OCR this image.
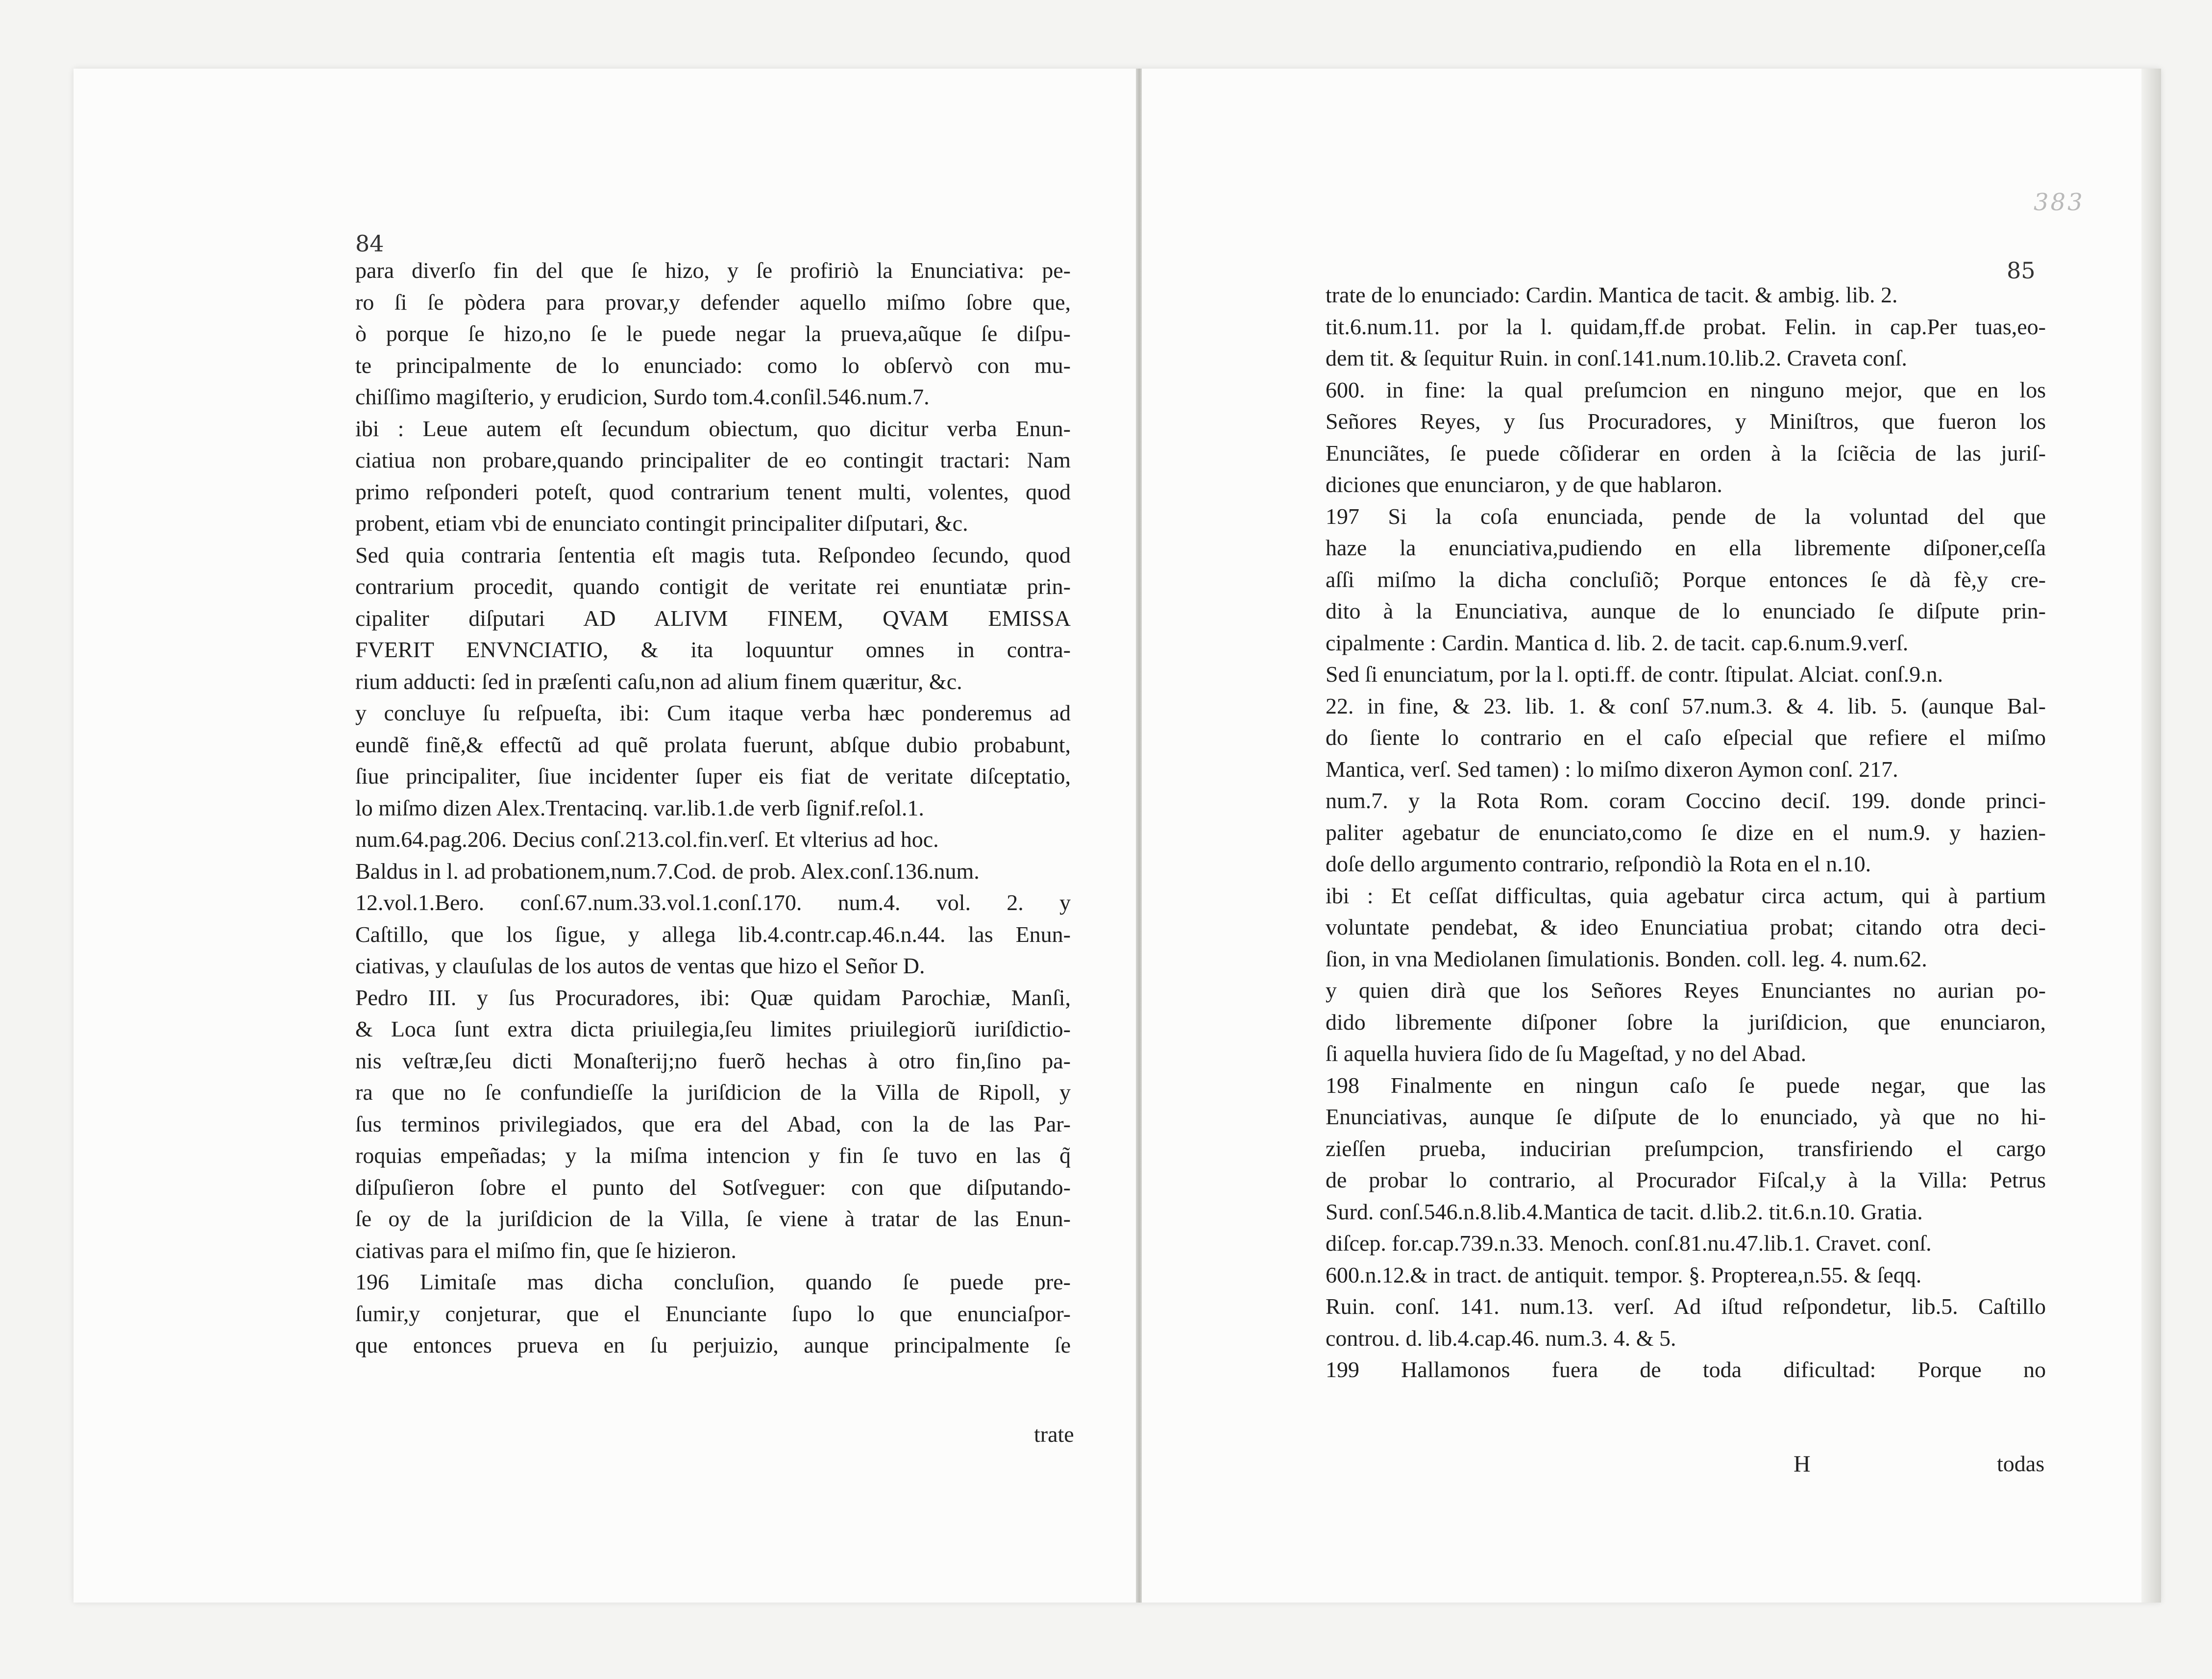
84
para diverſo fin del que ſe hizo, y ſe profiriò la Enunciativa: pe-
ro ſi ſe pòdera para provar,y defender aquello miſmo ſobre que,
ò porque ſe hizo,no ſe le puede negar la prueva,aũque ſe diſpu-
te principalmente de lo enunciado: como lo obſervò con mu-
chiſſimo magiſterio, y erudicion, Surdo tom.4.conſil.546.num.7.
ibi : Leue autem eſt ſecundum obiectum, quo dicitur verba Enun-
ciatiua non probare,quando principaliter de eo contingit tractari: Nam
primo reſponderi poteſt, quod contrarium tenent multi, volentes, quod
probent, etiam vbi de enunciato contingit principaliter diſputari, &c.
Sed quia contraria ſententia eſt magis tuta. Reſpondeo ſecundo, quod
contrarium procedit, quando contigit de veritate rei enuntiatæ prin-
cipaliter diſputari AD ALIVM FINEM, QVAM EMISSA
FVERIT ENVNCIATIO, & ita loquuntur omnes in contra-
rium adducti: ſed in præſenti caſu,non ad alium finem quæritur, &c.
y concluye ſu reſpueſta, ibi: Cum itaque verba hæc ponderemus ad
eundẽ finẽ,& effectũ ad quẽ prolata fuerunt, abſque dubio probabunt,
ſiue principaliter, ſiue incidenter ſuper eis fiat de veritate diſceptatio,
lo miſmo dizen Alex.Trentacinq. var.lib.1.de verb ſignif.reſol.1.
num.64.pag.206. Decius conſ.213.col.fin.verſ. Et vlterius ad hoc.
Baldus in l. ad probationem,num.7.Cod. de prob. Alex.conſ.136.num.
12.vol.1.Bero. conſ.67.num.33.vol.1.conſ.170. num.4. vol. 2. y
Caſtillo, que los ſigue, y allega lib.4.contr.cap.46.n.44. las Enun-
ciativas, y clauſulas de los autos de ventas que hizo el Señor D.
Pedro III. y ſus Procuradores, ibi: Quæ quidam Parochiæ, Manſi,
& Loca ſunt extra dicta priuilegia,ſeu limites priuilegiorũ iuriſdictio-
nis veſtræ,ſeu dicti Monaſterij;no fuerõ hechas à otro fin,ſino pa-
ra que no ſe confundieſſe la juriſdicion de la Villa de Ripoll, y
ſus terminos privilegiados, que era del Abad, con la de las Par-
roquias empeñadas; y la miſma intencion y fin ſe tuvo en las q̃
diſpuſieron ſobre el punto del Sotſveguer: con que diſputando-
ſe oy de la juriſdicion de la Villa, ſe viene à tratar de las Enun-
ciativas para el miſmo fin, que ſe hizieron.
196 Limitaſe mas dicha concluſion, quando ſe puede pre-
ſumir,y conjeturar, que el Enunciante ſupo lo que enunciaſpor-
que entonces prueva en ſu perjuizio, aunque principalmente ſe
trate
383
85
trate de lo enunciado: Cardin. Mantica de tacit. & ambig. lib. 2.
tit.6.num.11. por la l. quidam,ff.de probat. Felin. in cap.Per tuas,eo-
dem tit. & ſequitur Ruin. in conſ.141.num.10.lib.2. Craveta conſ.
600. in fine: la qual preſumcion en ninguno mejor, que en los
Señores Reyes, y ſus Procuradores, y Miniſtros, que fueron los
Enunciãtes, ſe puede cõſiderar en orden à la ſciẽcia de las juriſ-
diciones que enunciaron, y de que hablaron.
197 Si la coſa enunciada, pende de la voluntad del que
haze la enunciativa,pudiendo en ella libremente diſponer,ceſſa
aſſi miſmo la dicha concluſiõ; Porque entonces ſe dà fè,y cre-
dito à la Enunciativa, aunque de lo enunciado ſe diſpute prin-
cipalmente : Cardin. Mantica d. lib. 2. de tacit. cap.6.num.9.verſ.
Sed ſi enunciatum, por la l. opti.ff. de contr. ſtipulat. Alciat. conſ.9.n.
22. in fine, & 23. lib. 1. & conſ 57.num.3. & 4. lib. 5. (aunque Bal-
do ſiente lo contrario en el caſo eſpecial que refiere el miſmo
Mantica, verſ. Sed tamen) : lo miſmo dixeron Aymon conſ. 217.
num.7. y la Rota Rom. coram Coccino deciſ. 199. donde princi-
paliter agebatur de enunciato,como ſe dize en el num.9. y hazien-
doſe dello argumento contrario, reſpondiò la Rota en el n.10.
ibi : Et ceſſat difficultas, quia agebatur circa actum, qui à partium
voluntate pendebat, & ideo Enunciatiua probat; citando otra deci-
ſion, in vna Mediolanen ſimulationis. Bonden. coll. leg. 4. num.62.
y quien dirà que los Señores Reyes Enunciantes no aurian po-
dido libremente diſponer ſobre la juriſdicion, que enunciaron,
ſi aquella huviera ſido de ſu Mageſtad, y no del Abad.
198 Finalmente en ningun caſo ſe puede negar, que las
Enunciativas, aunque ſe diſpute de lo enunciado, yà que no hi-
zieſſen prueba, inducirian preſumpcion, transfiriendo el cargo
de probar lo contrario, al Procurador Fiſcal,y à la Villa: Petrus
Surd. conſ.546.n.8.lib.4.Mantica de tacit. d.lib.2. tit.6.n.10. Gratia.
diſcep. for.cap.739.n.33. Menoch. conſ.81.nu.47.lib.1. Cravet. conſ.
600.n.12.& in tract. de antiquit. tempor. §. Propterea,n.55. & ſeqq.
Ruin. conſ. 141. num.13. verſ. Ad iſtud reſpondetur, lib.5. Caſtillo
controu. d. lib.4.cap.46. num.3. 4. & 5.
199 Hallamonos fuera de toda dificultad: Porque no
H	todas
